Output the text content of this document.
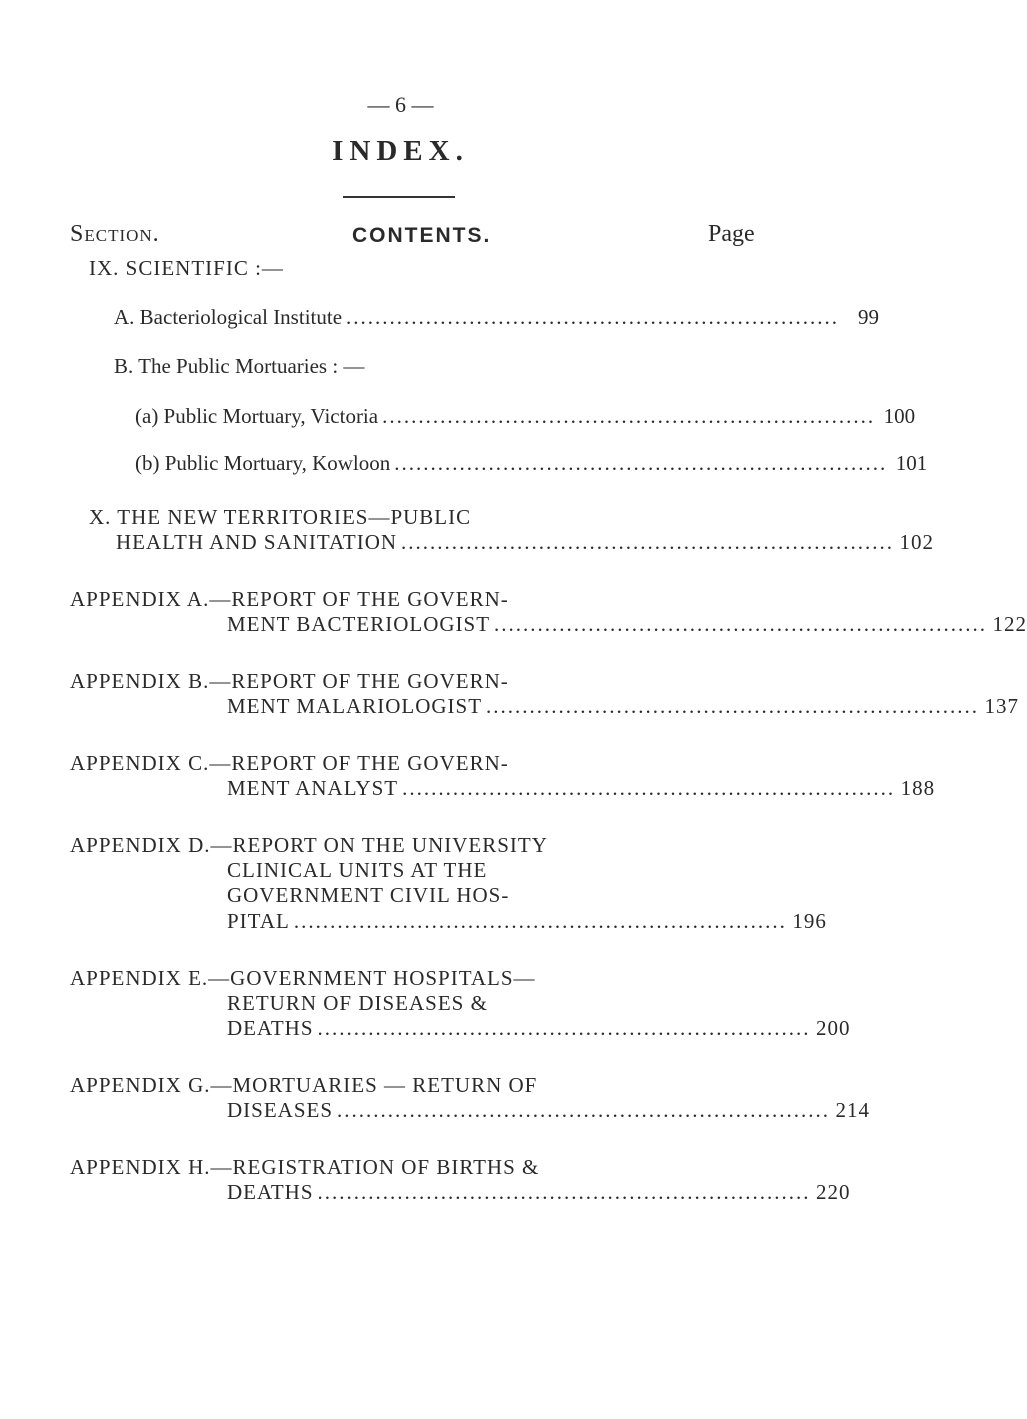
— 6 —
INDEX.
Section.	CONTENTS.	Page
IX. SCIENTIFIC :—
A. Bacteriological Institute .................................................................... 99
B. The Public Mortuaries : —
(a) Public Mortuary, Victoria .................................................................... 100
(b) Public Mortuary, Kowloon .................................................................... 101
X. THE NEW TERRITORIES—PUBLIC
HEALTH AND SANITATION .................................................................... 102
APPENDIX A.—REPORT OF THE GOVERN-
MENT BACTERIOLOGIST .................................................................... 122
APPENDIX B.—REPORT OF THE GOVERN-
MENT MALARIOLOGIST .................................................................... 137
APPENDIX C.—REPORT OF THE GOVERN-
MENT ANALYST .................................................................... 188
APPENDIX D.—REPORT ON THE UNIVERSITY
CLINICAL UNITS AT THE
GOVERNMENT CIVIL HOS-
PITAL .................................................................... 196
APPENDIX E.—GOVERNMENT HOSPITALS—
RETURN OF DISEASES &
DEATHS .................................................................... 200
APPENDIX G.—MORTUARIES — RETURN OF
DISEASES .................................................................... 214
APPENDIX H.—REGISTRATION OF BIRTHS &
DEATHS .................................................................... 220
